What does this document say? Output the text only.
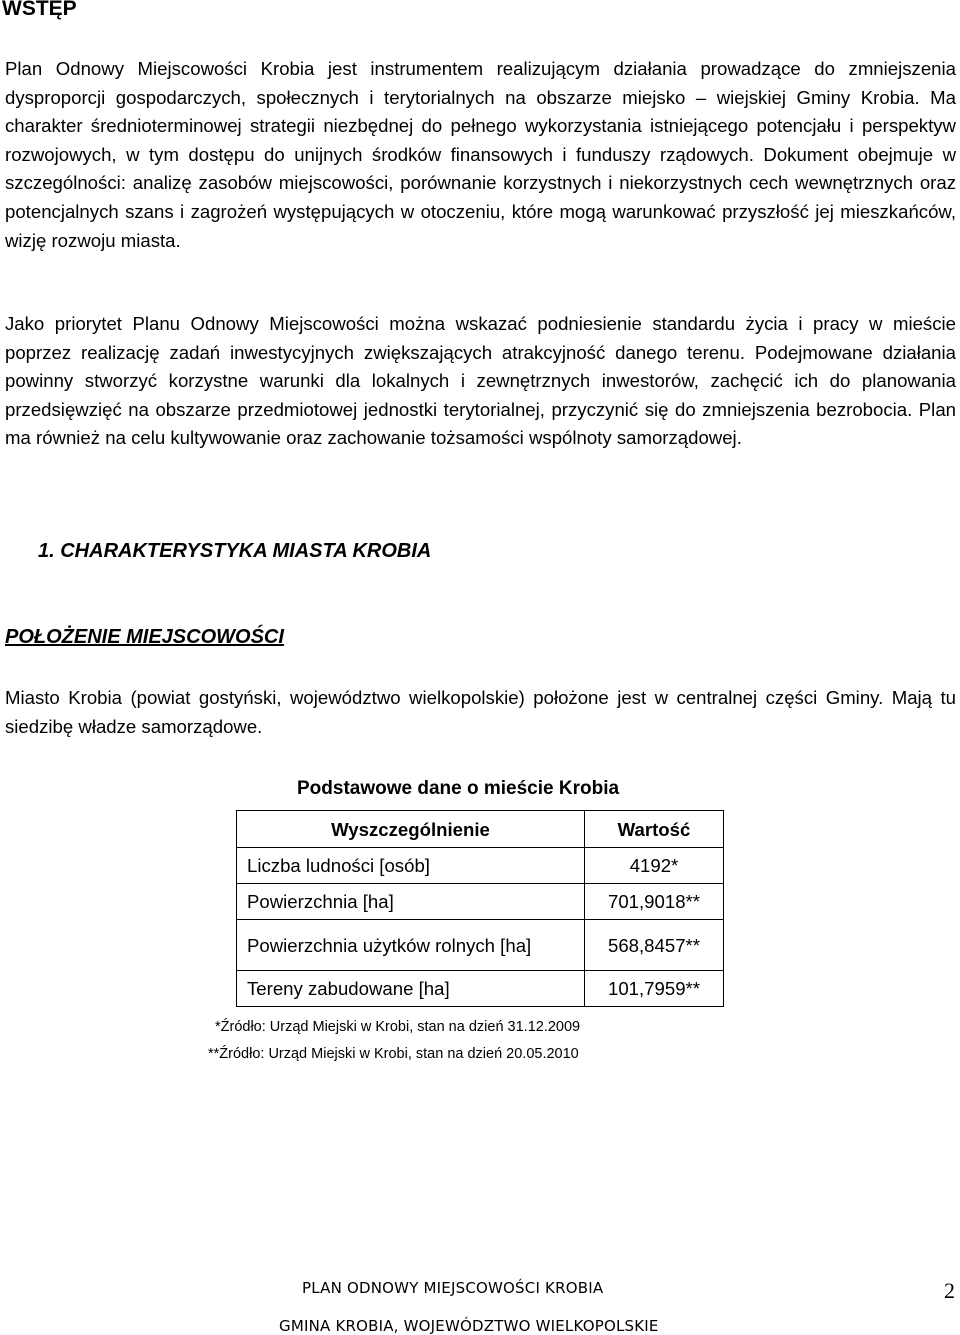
WSTĘP

Plan Odnowy Miejscowości Krobia jest instrumentem realizującym działania prowadzące do zmniejszenia dysproporcji gospodarczych, społecznych i terytorialnych na obszarze miejsko – wiejskiej Gminy Krobia. Ma charakter średnioterminowej strategii niezbędnej do pełnego wykorzystania istniejącego potencjału i perspektyw rozwojowych, w tym dostępu do unijnych środków finansowych i funduszy rządowych. Dokument obejmuje w szczególności: analizę zasobów miejscowości, porównanie korzystnych i niekorzystnych cech wewnętrznych oraz potencjalnych szans i zagrożeń występujących w otoczeniu, które mogą warunkować przyszłość jej mieszkańców, wizję rozwoju miasta.

Jako priorytet Planu Odnowy Miejscowości można wskazać podniesienie standardu życia i pracy w mieście poprzez realizację zadań inwestycyjnych zwiększających atrakcyjność danego terenu. Podejmowane działania powinny stworzyć korzystne warunki dla lokalnych i zewnętrznych inwestorów, zachęcić ich do planowania przedsięwzięć na obszarze przedmiotowej jednostki terytorialnej, przyczynić się do zmniejszenia bezrobocia. Plan ma również na celu kultywowanie oraz zachowanie tożsamości wspólnoty samorządowej.

1. CHARAKTERYSTYKA MIASTA KROBIA
POŁOŻENIE MIEJSCOWOŚCI

Miasto Krobia (powiat gostyński, województwo wielkopolskie) położone jest w centralnej części Gminy. Mają tu siedzibę władze samorządowe.

Podstawowe dane o mieście Krobia
Wyszczególnienie	Wartość
Liczba ludności [osób]	4192*
Powierzchnia [ha]	701,9018**
Powierzchnia użytków rolnych [ha]	568,8457**
Tereny zabudowane [ha]	101,7959**
*Źródło: Urząd Miejski w Krobi, stan na dzień 31.12.2009
**Źródło: Urząd Miejski w Krobi, stan na dzień 20.05.2010
PLAN ODNOWY MIEJSCOWOŚCI KROBIA
GMINA KROBIA, WOJEWÓDZTWO WIELKOPOLSKIE
2
